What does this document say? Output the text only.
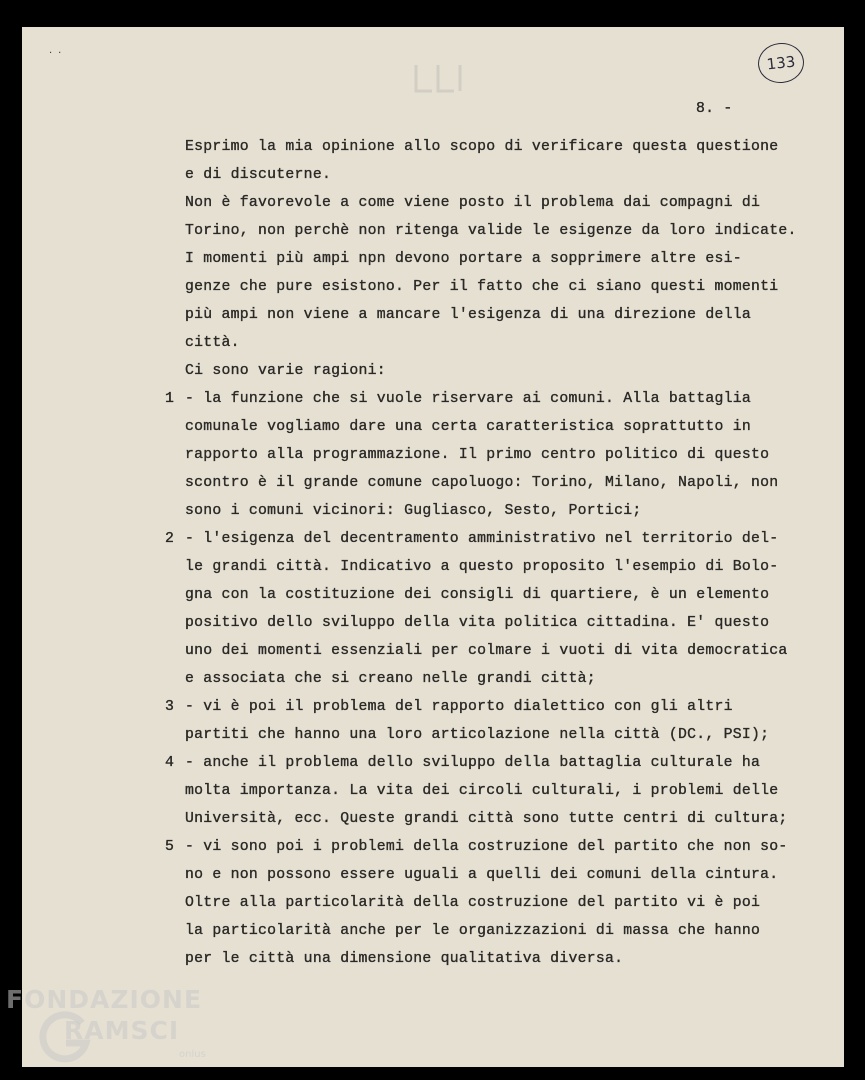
··	133
8. -
Esprimo la mia opinione allo scopo di verificare questa questione
e di discuterne.
Non è favorevole a come viene posto il problema dai compagni di
Torino, non perchè non ritenga valide le esigenze da loro indicate.
I momenti più ampi npn devono portare a sopprimere altre esi-
genze che pure esistono. Per il fatto che ci siano questi momenti
più ampi non viene a mancare l'esigenza di una direzione della
città.
Ci sono varie ragioni:
1 - la funzione che si vuole riservare ai comuni. Alla battaglia
comunale vogliamo dare una certa caratteristica soprattutto in
rapporto alla programmazione. Il primo centro politico di questo
scontro è il grande comune capoluogo: Torino, Milano, Napoli, non
sono i comuni vicinori: Gugliasco, Sesto, Portici;
2 - l'esigenza del decentramento amministrativo nel territorio del-
le grandi città. Indicativo a questo proposito l'esempio di Bolo-
gna con la costituzione dei consigli di quartiere, è un elemento
positivo dello sviluppo della vita politica cittadina. E' questo
uno dei momenti essenziali per colmare i vuoti di vita democratica
e associata che si creano nelle grandi città;
3 - vi è poi il problema del rapporto dialettico con gli altri
partiti che hanno una loro articolazione nella città (DC., PSI);
4 - anche il problema dello sviluppo della battaglia culturale ha
molta importanza. La vita dei circoli culturali, i problemi delle
Università, ecc. Queste grandi città sono tutte centri di cultura;
5 - vi sono poi i problemi della costruzione del partito che non so-
no e non possono essere uguali a quelli dei comuni della cintura.
Oltre alla particolarità della costruzione del partito vi è poi
la particolarità anche per le organizzazioni di massa che hanno
per le città una dimensione qualitativa diversa.
FONDAZIONE
RAMSCI
onlus
